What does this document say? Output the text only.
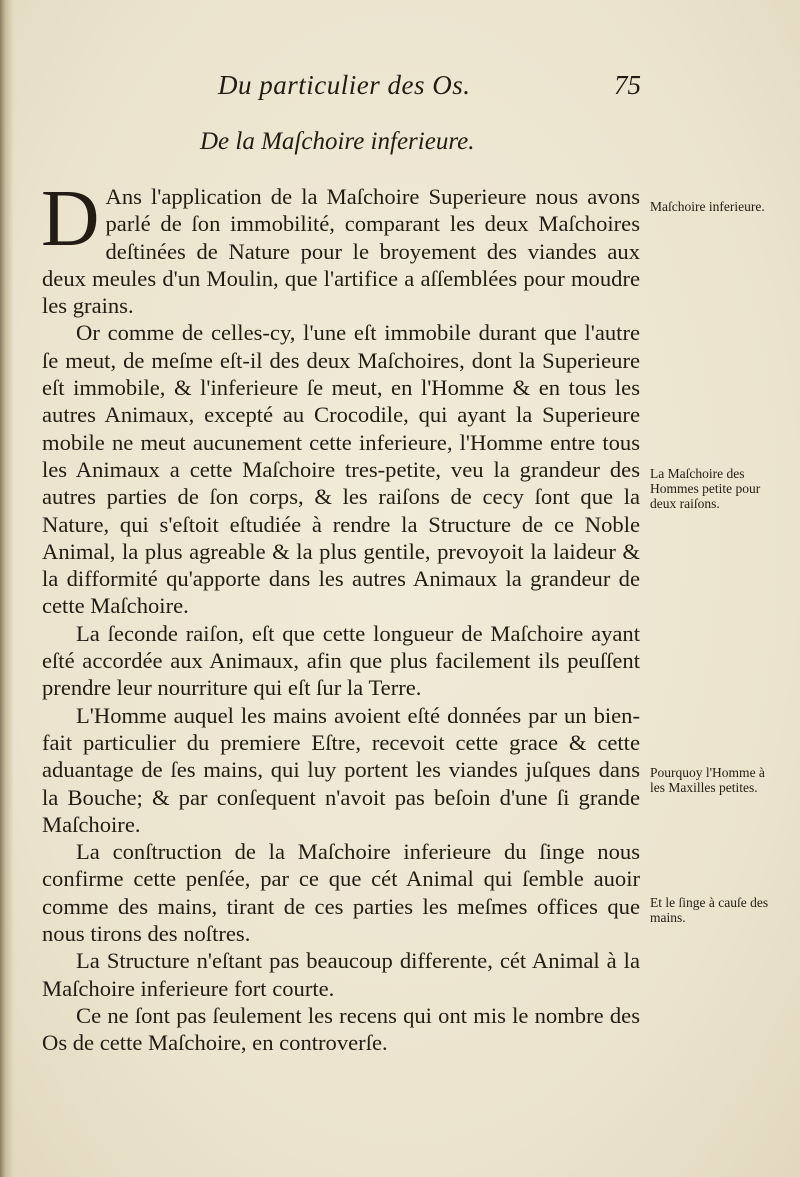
Du particulier des Os.	75
De la Maſchoire inferieure.

D Ans l'application de la Maſchoire Superieure nous avons parlé de ſon immobilité, comparant les deux Maſchoires deſtinées de Nature pour le broyement des viandes aux deux meules d'un Moulin, que l'artifice a aſſemblées pour moudre les grains.

Or comme de celles-cy, l'une eſt immobile durant que l'autre ſe meut, de meſme eſt-il des deux Maſchoires, dont la Superieure eſt immobile, & l'inferieure ſe meut, en l'Homme & en tous les autres Animaux, excepté au Crocodile, qui ayant la Superieure mobile ne meut aucunement cette inferieure, l'Homme entre tous les Animaux a cette Maſchoire tres-petite, veu la grandeur des autres parties de ſon corps, & les raiſons de cecy ſont que la Nature, qui s'eſtoit eſtudiée à rendre la Structure de ce Noble Animal, la plus agreable & la plus gentile, prevoyoit la laideur & la difformité qu'apporte dans les autres Animaux la grandeur de cette Maſchoire.

La ſeconde raiſon, eſt que cette longueur de Maſchoire ayant eſté accordée aux Animaux, afin que plus facilement ils peuſſent prendre leur nourriture qui eſt ſur la Terre.

L'Homme auquel les mains avoient eſté données par un bien-fait particulier du premiere Eſtre, recevoit cette grace & cette aduantage de ſes mains, qui luy portent les viandes juſques dans la Bouche; & par conſequent n'avoit pas beſoin d'une ſi grande Maſchoire.

La conſtruction de la Maſchoire inferieure du ſinge nous confirme cette penſée, par ce que cét Animal qui ſemble auoir comme des mains, tirant de ces parties les meſmes offices que nous tirons des noſtres.

La Structure n'eſtant pas beaucoup differente, cét Animal à la Maſchoire inferieure fort courte.

Ce ne ſont pas ſeulement les recens qui ont mis le nombre des Os de cette Maſchoire, en controverſe.

Maſchoire inferieure.
La Maſchoire des Hommes petite pour deux raiſons.
Pourquoy l'Homme à les Maxilles petites.
Et le ſinge à cauſe des mains.
